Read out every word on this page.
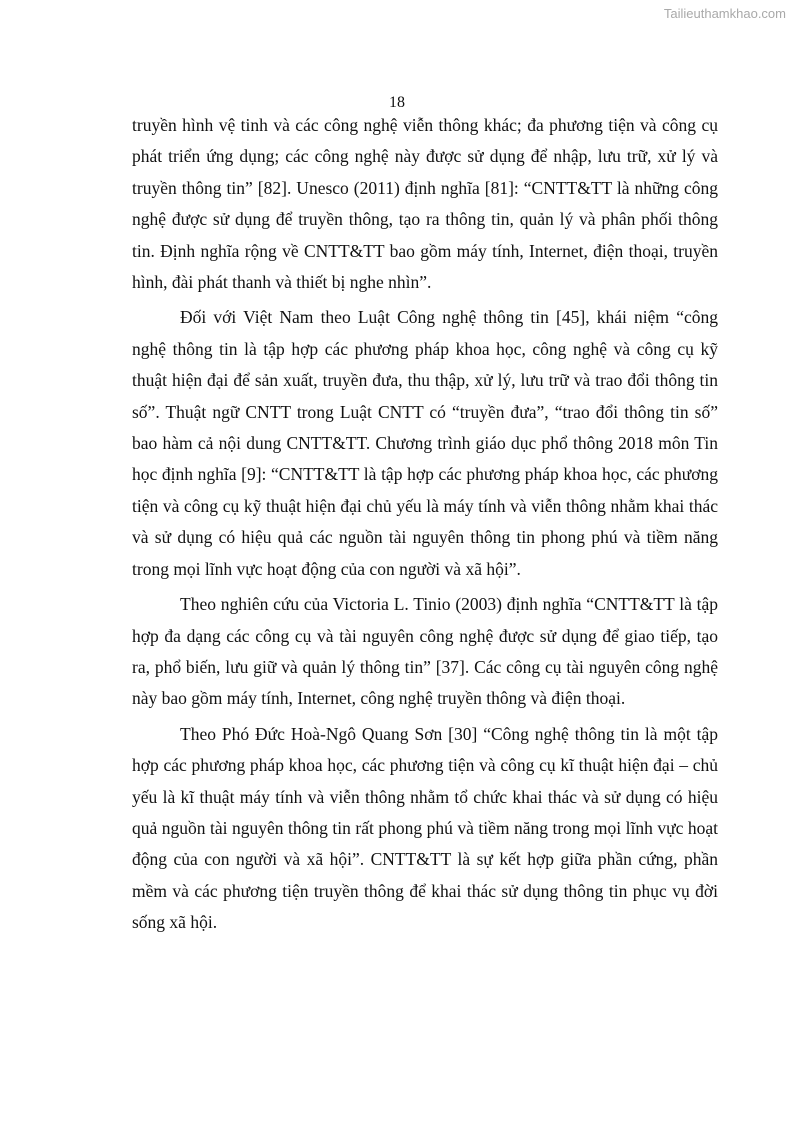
Tailieuthamkhao.com
18

truyền hình vệ tinh và các công nghệ viễn thông khác; đa phương tiện và công cụ phát triển ứng dụng; các công nghệ này được sử dụng để nhập, lưu trữ, xử lý và truyền thông tin” [82]. Unesco (2011) định nghĩa [81]: “CNTT&TT là những công nghệ được sử dụng để truyền thông, tạo ra thông tin, quản lý và phân phối thông tin. Định nghĩa rộng về CNTT&TT bao gồm máy tính, Internet, điện thoại, truyền hình, đài phát thanh và thiết bị nghe nhìn”.

Đối với Việt Nam theo Luật Công nghệ thông tin [45], khái niệm “công nghệ thông tin là tập hợp các phương pháp khoa học, công nghệ và công cụ kỹ thuật hiện đại để sản xuất, truyền đưa, thu thập, xử lý, lưu trữ và trao đổi thông tin số”. Thuật ngữ CNTT trong Luật CNTT có “truyền đưa”, “trao đổi thông tin số” bao hàm cả nội dung CNTT&TT. Chương trình giáo dục phổ thông 2018 môn Tin học định nghĩa [9]: “CNTT&TT là tập hợp các phương pháp khoa học, các phương tiện và công cụ kỹ thuật hiện đại chủ yếu là máy tính và viễn thông nhằm khai thác và sử dụng có hiệu quả các nguồn tài nguyên thông tin phong phú và tiềm năng trong mọi lĩnh vực hoạt động của con người và xã hội”.

Theo nghiên cứu của Victoria L. Tinio (2003) định nghĩa “CNTT&TT là tập hợp đa dạng các công cụ và tài nguyên công nghệ được sử dụng để giao tiếp, tạo ra, phổ biến, lưu giữ và quản lý thông tin” [37]. Các công cụ tài nguyên công nghệ này bao gồm máy tính, Internet, công nghệ truyền thông và điện thoại.

Theo Phó Đức Hoà-Ngô Quang Sơn [30] “Công nghệ thông tin là một tập hợp các phương pháp khoa học, các phương tiện và công cụ kĩ thuật hiện đại – chủ yếu là kĩ thuật máy tính và viễn thông nhằm tổ chức khai thác và sử dụng có hiệu quả nguồn tài nguyên thông tin rất phong phú và tiềm năng trong mọi lĩnh vực hoạt động của con người và xã hội”. CNTT&TT là sự kết hợp giữa phần cứng, phần mềm và các phương tiện truyền thông để khai thác sử dụng thông tin phục vụ đời sống xã hội.
